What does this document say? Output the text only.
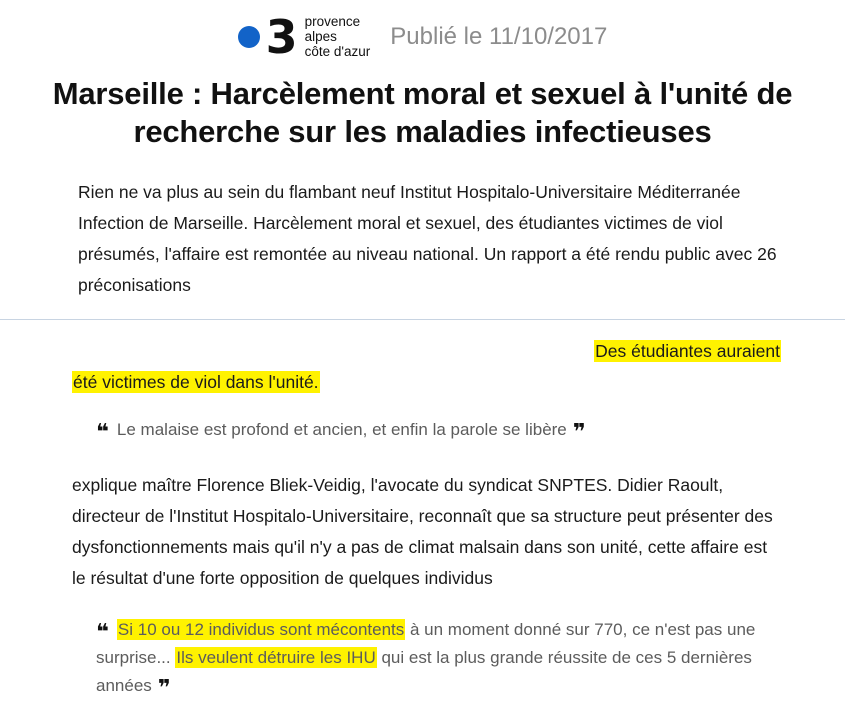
3 provence
alpes
côte d'azur
Publié le 11/10/2017
Marseille : Harcèlement moral et sexuel à l'unité de recherche sur les maladies infectieuses

Rien ne va plus au sein du flambant neuf Institut Hospitalo-Universitaire Méditerranée Infection de Marseille. Harcèlement moral et sexuel, des étudiantes victimes de viol présumés, l'affaire est remontée au niveau national. Un rapport a été rendu public avec 26 préconisations

Des étudiantes auraient

été victimes de viol dans l'unité.

❝ Le malaise est profond et ancien, et enfin la parole se libère ❞

explique maître Florence Bliek-Veidig, l'avocate du syndicat SNPTES. Didier Raoult, directeur de l'Institut Hospitalo-Universitaire, reconnaît que sa structure peut présenter des dysfonctionnements mais qu'il n'y a pas de climat malsain dans son unité, cette affaire est le résultat d'une forte opposition de quelques individus

❝ Si 10 ou 12 individus sont mécontents à un moment donné sur 770, ce n'est pas une surprise... Ils veulent détruire les IHU qui est la plus grande réussite de ces 5 dernières années ❞
